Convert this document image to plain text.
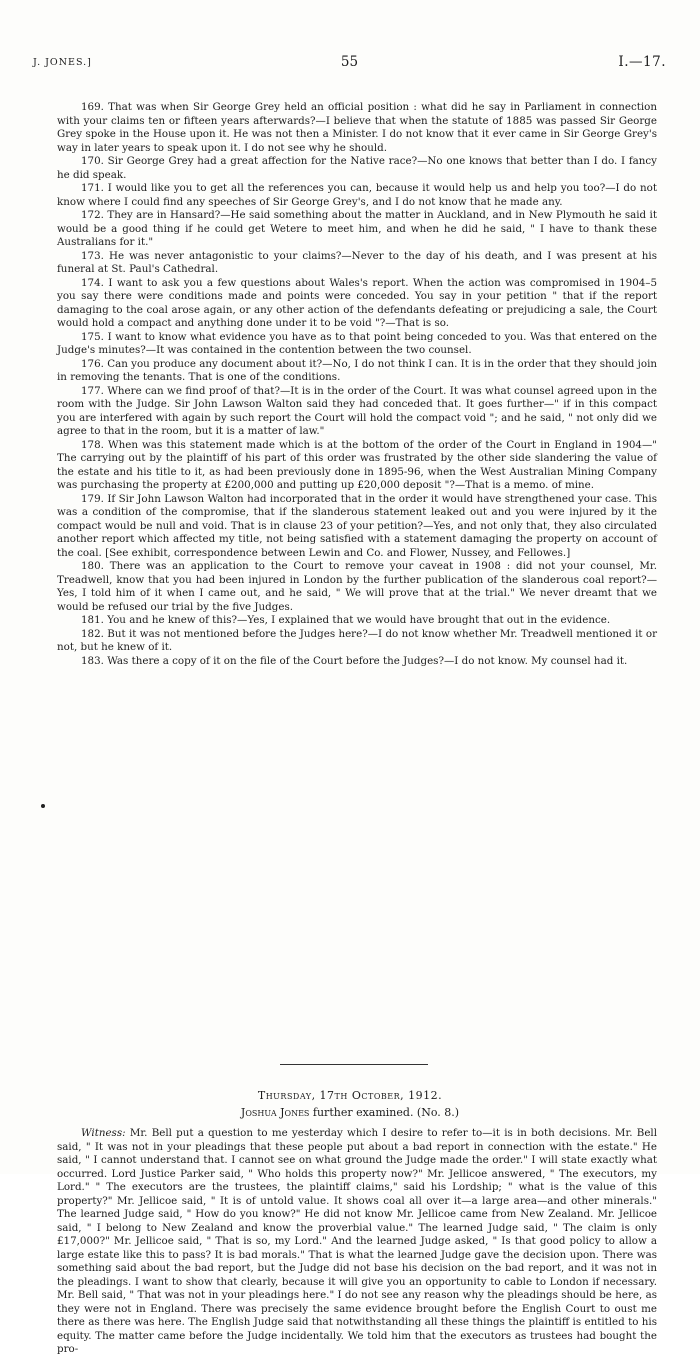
J. JONES.]	55	I.—17.

169. That was when Sir George Grey held an official position : what did he say in Parliament in connection with your claims ten or fifteen years afterwards?—I believe that when the statute of 1885 was passed Sir George Grey spoke in the House upon it. He was not then a Minister. I do not know that it ever came in Sir George Grey's way in later years to speak upon it. I do not see why he should.

170. Sir George Grey had a great affection for the Native race?—No one knows that better than I do. I fancy he did speak.

171. I would like you to get all the references you can, because it would help us and help you too?—I do not know where I could find any speeches of Sir George Grey's, and I do not know that he made any.

172. They are in Hansard?—He said something about the matter in Auckland, and in New Plymouth he said it would be a good thing if he could get Wetere to meet him, and when he did he said, " I have to thank these Australians for it."

173. He was never antagonistic to your claims?—Never to the day of his death, and I was present at his funeral at St. Paul's Cathedral.

174. I want to ask you a few questions about Wales's report. When the action was compromised in 1904–5 you say there were conditions made and points were conceded. You say in your petition " that if the report damaging to the coal arose again, or any other action of the defendants defeating or prejudicing a sale, the Court would hold a compact and anything done under it to be void "?—That is so.

175. I want to know what evidence you have as to that point being conceded to you. Was that entered on the Judge's minutes?—It was contained in the contention between the two counsel.

176. Can you produce any document about it?—No, I do not think I can. It is in the order that they should join in removing the tenants. That is one of the conditions.

177. Where can we find proof of that?—It is in the order of the Court. It was what counsel agreed upon in the room with the Judge. Sir John Lawson Walton said they had conceded that. It goes further—" if in this compact you are interfered with again by such report the Court will hold the compact void "; and he said, " not only did we agree to that in the room, but it is a matter of law."

178. When was this statement made which is at the bottom of the order of the Court in England in 1904—" The carrying out by the plaintiff of his part of this order was frustrated by the other side slandering the value of the estate and his title to it, as had been previously done in 1895-96, when the West Australian Mining Company was purchasing the property at £200,000 and putting up £20,000 deposit "?—That is a memo. of mine.

179. If Sir John Lawson Walton had incorporated that in the order it would have strengthened your case. This was a condition of the compromise, that if the slanderous statement leaked out and you were injured by it the compact would be null and void. That is in clause 23 of your petition?—Yes, and not only that, they also circulated another report which affected my title, not being satisfied with a statement damaging the property on account of the coal. [See exhibit, correspondence between Lewin and Co. and Flower, Nussey, and Fellowes.]

180. There was an application to the Court to remove your caveat in 1908 : did not your counsel, Mr. Treadwell, know that you had been injured in London by the further publication of the slanderous coal report?—Yes, I told him of it when I came out, and he said, " We will prove that at the trial." We never dreamt that we would be refused our trial by the five Judges.

181. You and he knew of this?—Yes, I explained that we would have brought that out in the evidence.

182. But it was not mentioned before the Judges here?—I do not know whether Mr. Treadwell mentioned it or not, but he knew of it.

183. Was there a copy of it on the file of the Court before the Judges?—I do not know. My counsel had it.

Thursday, 17th October, 1912.
Joshua Jones further examined. (No. 8.)

Witness: Mr. Bell put a question to me yesterday which I desire to refer to—it is in both decisions. Mr. Bell said, " It was not in your pleadings that these people put about a bad report in connection with the estate." He said, " I cannot understand that. I cannot see on what ground the Judge made the order." I will state exactly what occurred. Lord Justice Parker said, " Who holds this property now?" Mr. Jellicoe answered, " The executors, my Lord." " The executors are the trustees, the plaintiff claims," said his Lordship; " what is the value of this property?" Mr. Jellicoe said, " It is of untold value. It shows coal all over it—a large area—and other minerals." The learned Judge said, " How do you know?" He did not know Mr. Jellicoe came from New Zealand. Mr. Jellicoe said, " I belong to New Zealand and know the proverbial value." The learned Judge said, " The claim is only £17,000?" Mr. Jellicoe said, " That is so, my Lord." And the learned Judge asked, " Is that good policy to allow a large estate like this to pass? It is bad morals." That is what the learned Judge gave the decision upon. There was something said about the bad report, but the Judge did not base his decision on the bad report, and it was not in the pleadings. I want to show that clearly, because it will give you an opportunity to cable to London if necessary. Mr. Bell said, " That was not in your pleadings here." I do not see any reason why the pleadings should be here, as they were not in England. There was precisely the same evidence brought before the English Court to oust me there as there was here. The English Judge said that notwithstanding all these things the plaintiff is entitled to his equity. The matter came before the Judge incidentally. We told him that the executors as trustees had bought the pro-
